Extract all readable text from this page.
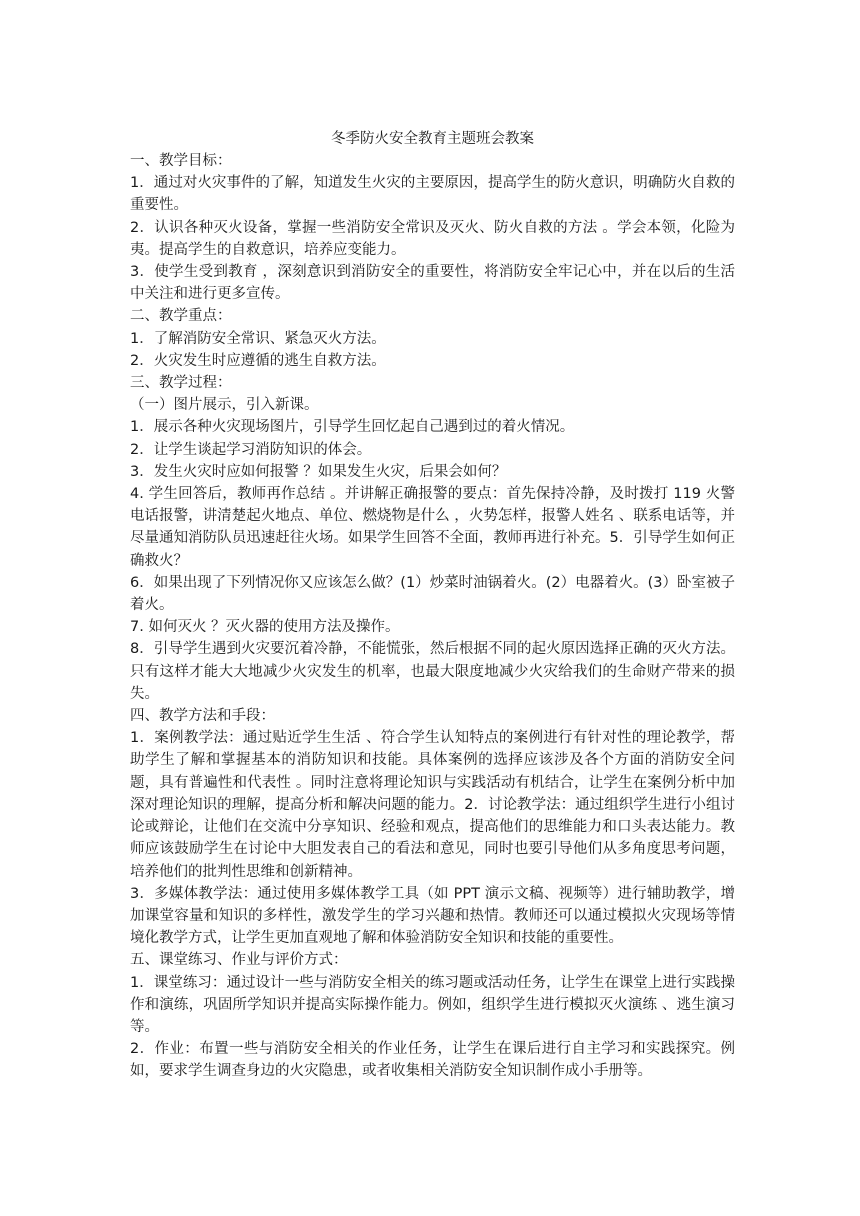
冬季防火安全教育主题班会教案

一、教学目标：

1．通过对火灾事件的了解，知道发生火灾的主要原因，提高学生的防火意识，明确防火自救的重要性。

2．认识各种灭火设备，掌握一些消防安全常识及灭火、防火自救的方法 。学会本领，化险为夷。提高学生的自救意识，培养应变能力。

3．使学生受到教育 ，深刻意识到消防安全的重要性，将消防安全牢记心中，并在以后的生活中关注和进行更多宣传。

二、教学重点：

1．了解消防安全常识、紧急灭火方法。

2．火灾发生时应遵循的逃生自救方法。

三、教学过程：

（一）图片展示，引入新课。

1．展示各种火灾现场图片，引导学生回忆起自己遇到过的着火情况。

2．让学生谈起学习消防知识的体会。

3．发生火灾时应如何报警 ？如果发生火灾，后果会如何？

4. 学生回答后，教师再作总结 。并讲解正确报警的要点：首先保持冷静，及时拨打 119 火警电话报警，讲清楚起火地点、单位、燃烧物是什么 ，火势怎样，报警人姓名 、联系电话等，并尽量通知消防队员迅速赶往火场。如果学生回答不全面，教师再进行补充。5．引导学生如何正确救火？

6．如果出现了下列情况你又应该怎么做？(1）炒菜时油锅着火。(2）电器着火。(3）卧室被子着火。

7. 如何灭火 ？灭火器的使用方法及操作。

8．引导学生遇到火灾要沉着冷静，不能慌张，然后根据不同的起火原因选择正确的灭火方法。只有这样才能大大地减少火灾发生的机率，也最大限度地减少火灾给我们的生命财产带来的损失。

四、教学方法和手段：

1．案例教学法：通过贴近学生生活 、符合学生认知特点的案例进行有针对性的理论教学，帮助学生了解和掌握基本的消防知识和技能。具体案例的选择应该涉及各个方面的消防安全问题，具有普遍性和代表性 。同时注意将理论知识与实践活动有机结合，让学生在案例分析中加深对理论知识的理解，提高分析和解决问题的能力。2．讨论教学法：通过组织学生进行小组讨论或辩论，让他们在交流中分享知识、经验和观点，提高他们的思维能力和口头表达能力。教师应该鼓励学生在讨论中大胆发表自己的看法和意见，同时也要引导他们从多角度思考问题，培养他们的批判性思维和创新精神。

3．多媒体教学法：通过使用多媒体教学工具（如 PPT 演示文稿、视频等）进行辅助教学，增加课堂容量和知识的多样性，激发学生的学习兴趣和热情。教师还可以通过模拟火灾现场等情境化教学方式，让学生更加直观地了解和体验消防安全知识和技能的重要性。

五、课堂练习、作业与评价方式：

1．课堂练习：通过设计一些与消防安全相关的练习题或活动任务，让学生在课堂上进行实践操作和演练，巩固所学知识并提高实际操作能力。例如，组织学生进行模拟灭火演练 、逃生演习等。

2．作业：布置一些与消防安全相关的作业任务，让学生在课后进行自主学习和实践探究。例如，要求学生调查身边的火灾隐患，或者收集相关消防安全知识制作成小手册等。
